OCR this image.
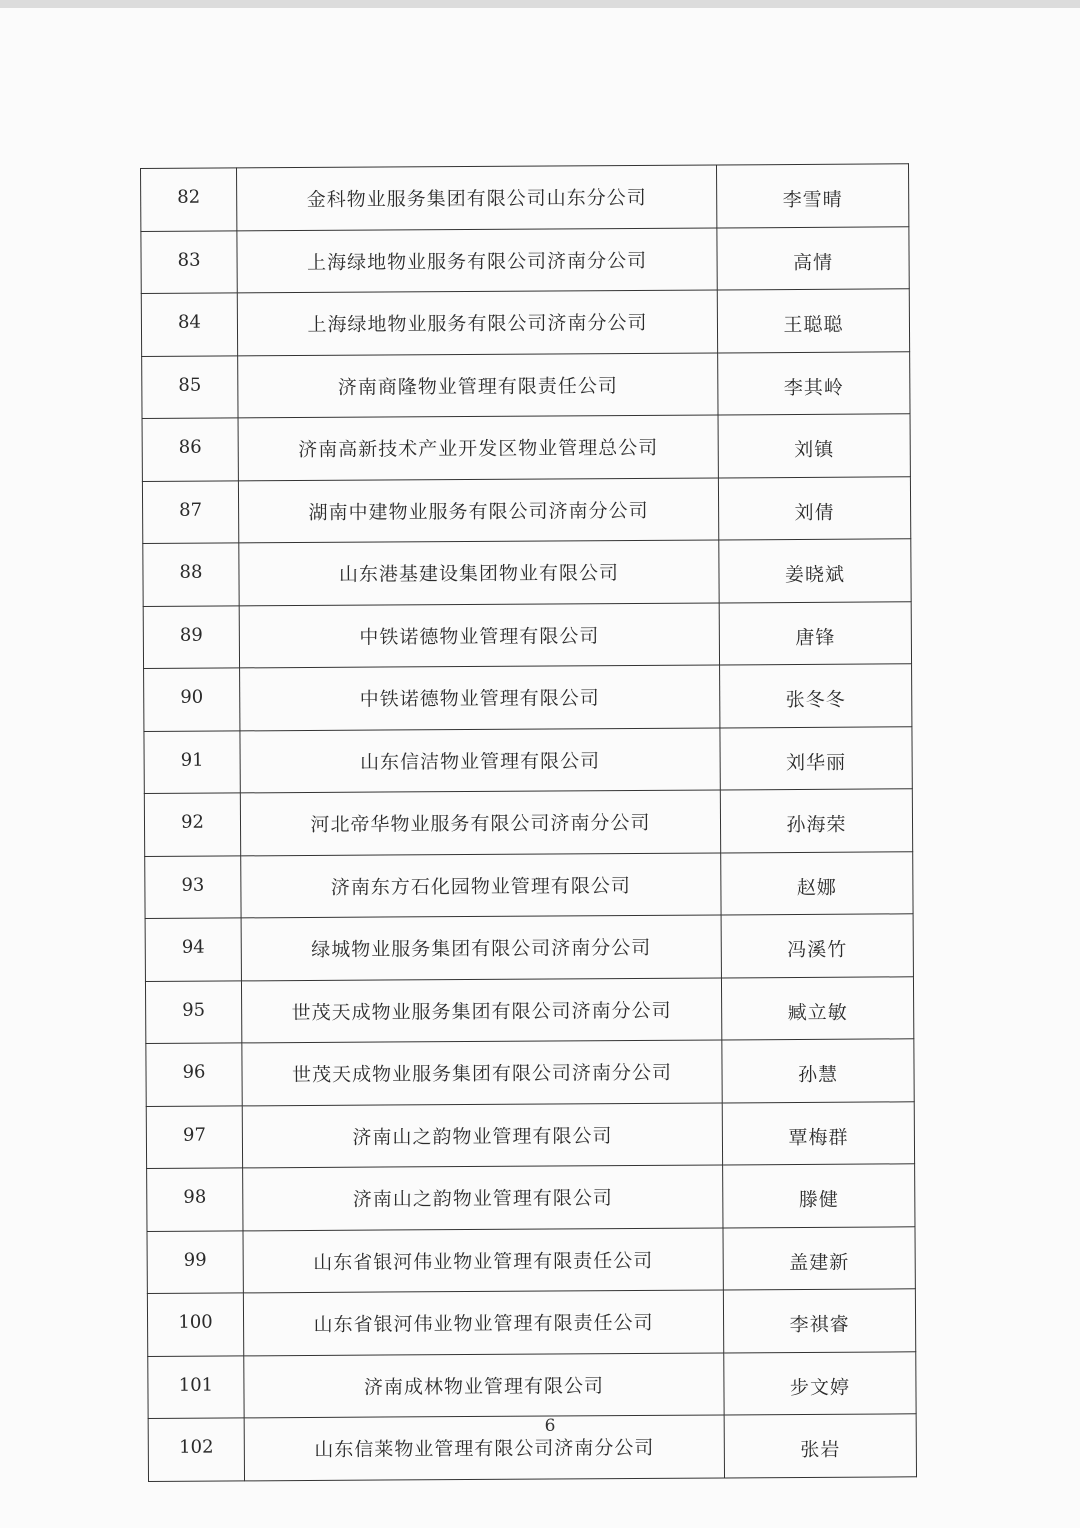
82	金科物业服务集团有限公司山东分公司	李雪晴
83	上海绿地物业服务有限公司济南分公司	高情
84	上海绿地物业服务有限公司济南分公司	王聪聪
85	济南商隆物业管理有限责任公司	李其岭
86	济南高新技术产业开发区物业管理总公司	刘镇
87	湖南中建物业服务有限公司济南分公司	刘倩
88	山东港基建设集团物业有限公司	姜晓斌
89	中铁诺德物业管理有限公司	唐锋
90	中铁诺德物业管理有限公司	张冬冬
91	山东信洁物业管理有限公司	刘华丽
92	河北帝华物业服务有限公司济南分公司	孙海荣
93	济南东方石化园物业管理有限公司	赵娜
94	绿城物业服务集团有限公司济南分公司	冯溪竹
95	世茂天成物业服务集团有限公司济南分公司	臧立敏
96	世茂天成物业服务集团有限公司济南分公司	孙慧
97	济南山之韵物业管理有限公司	覃梅群
98	济南山之韵物业管理有限公司	滕健
99	山东省银河伟业物业管理有限责任公司	盖建新
100	山东省银河伟业物业管理有限责任公司	李祺睿
101	济南成林物业管理有限公司	步文婷
102	山东信莱物业管理有限公司济南分公司	张岩
6
